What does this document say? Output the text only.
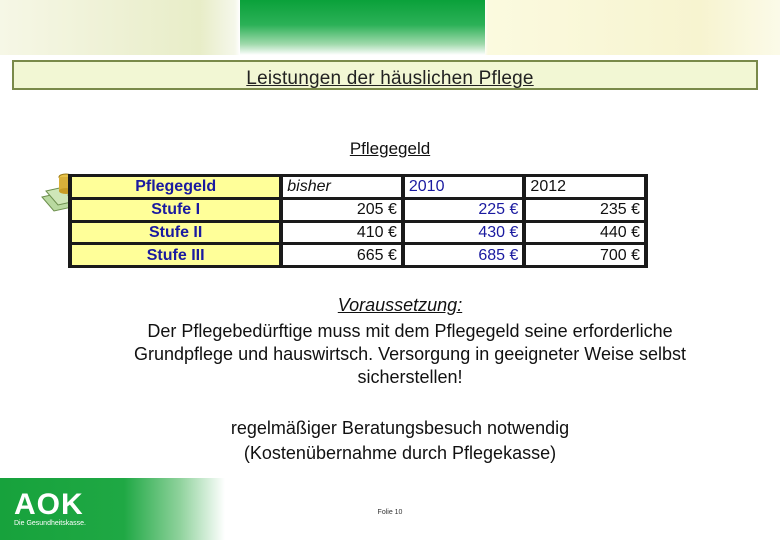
Leistungen der häuslichen Pflege
Pflegegeld
Pflegegeld	bisher	2010	2012
Stufe I	205 €	225 €	235 €
Stufe II	410 €	430 €	440 €
Stufe III	665 €	685 €	700 €
Voraussetzung:
Der Pflegebedürftige muss mit dem Pflegegeld seine erforderliche Grundpflege und hauswirtsch. Versorgung in geeigneter Weise selbst sicherstellen!
regelmäßiger Beratungsbesuch notwendig
(Kostenübernahme durch Pflegekasse)
AOK
Die Gesundheitskasse.
Folie 10
